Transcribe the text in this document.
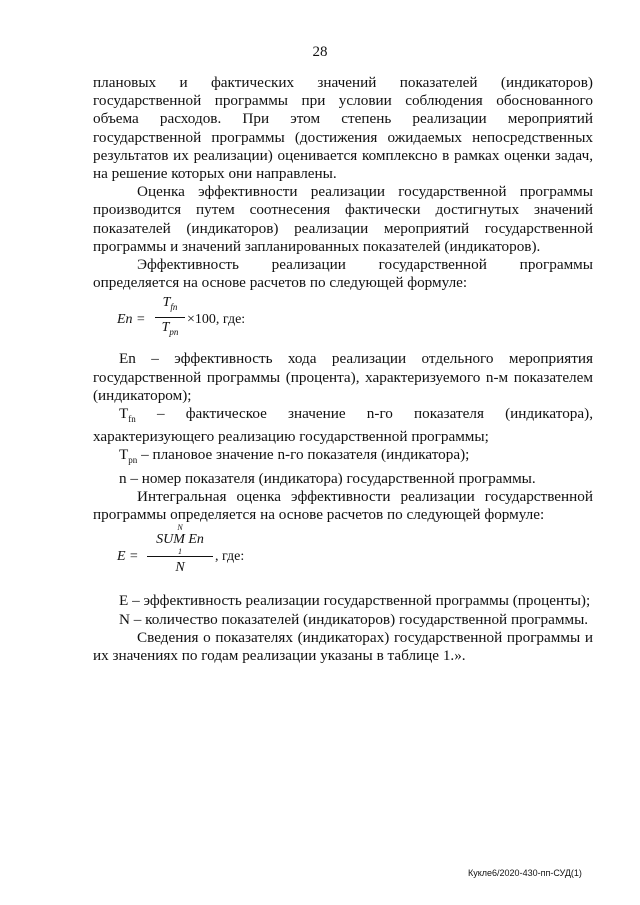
28

плановых и фактических значений показателей (индикаторов) государственной программы при условии соблюдения обоснованного объема расходов. При этом степень реализации мероприятий государственной программы (достижения ожидаемых непосредственных результатов их реализации) оценивается комплексно в рамках оценки задач, на решение которых они направлены.

Оценка эффективности реализации государственной программы производится путем соотнесения фактически достигнутых значений показателей (индикаторов) реализации мероприятий государственной программы и значений запланированных показателей (индикаторов).

Эффективность реализации государственной программы определяется на основе расчетов по следующей формуле:

En =
$T_{fn}$
$T_{pn}$
×100, где:

En – эффективность хода реализации отдельного мероприятия государственной программы (процента), характеризуемого n-м показателем (индикатором);

$T_{fn}$ – фактическое значение n-го показателя (индикатора), характеризующего реализацию государственной программы;

$T_{pn}$ – плановое значение n-го показателя (индикатора);

n – номер показателя (индикатора) государственной программы.

Интегральная оценка эффективности реализации государственной программы определяется на основе расчетов по следующей формуле:

E =
N
SUM En
1
N
, где:

E – эффективность реализации государственной программы (проценты);

N – количество показателей (индикаторов) государственной программы.

Сведения о показателях (индикаторах) государственной программы и их значениях по годам реализации указаны в таблице 1.».

Кукле6/2020-430-пп-СУД(1)
